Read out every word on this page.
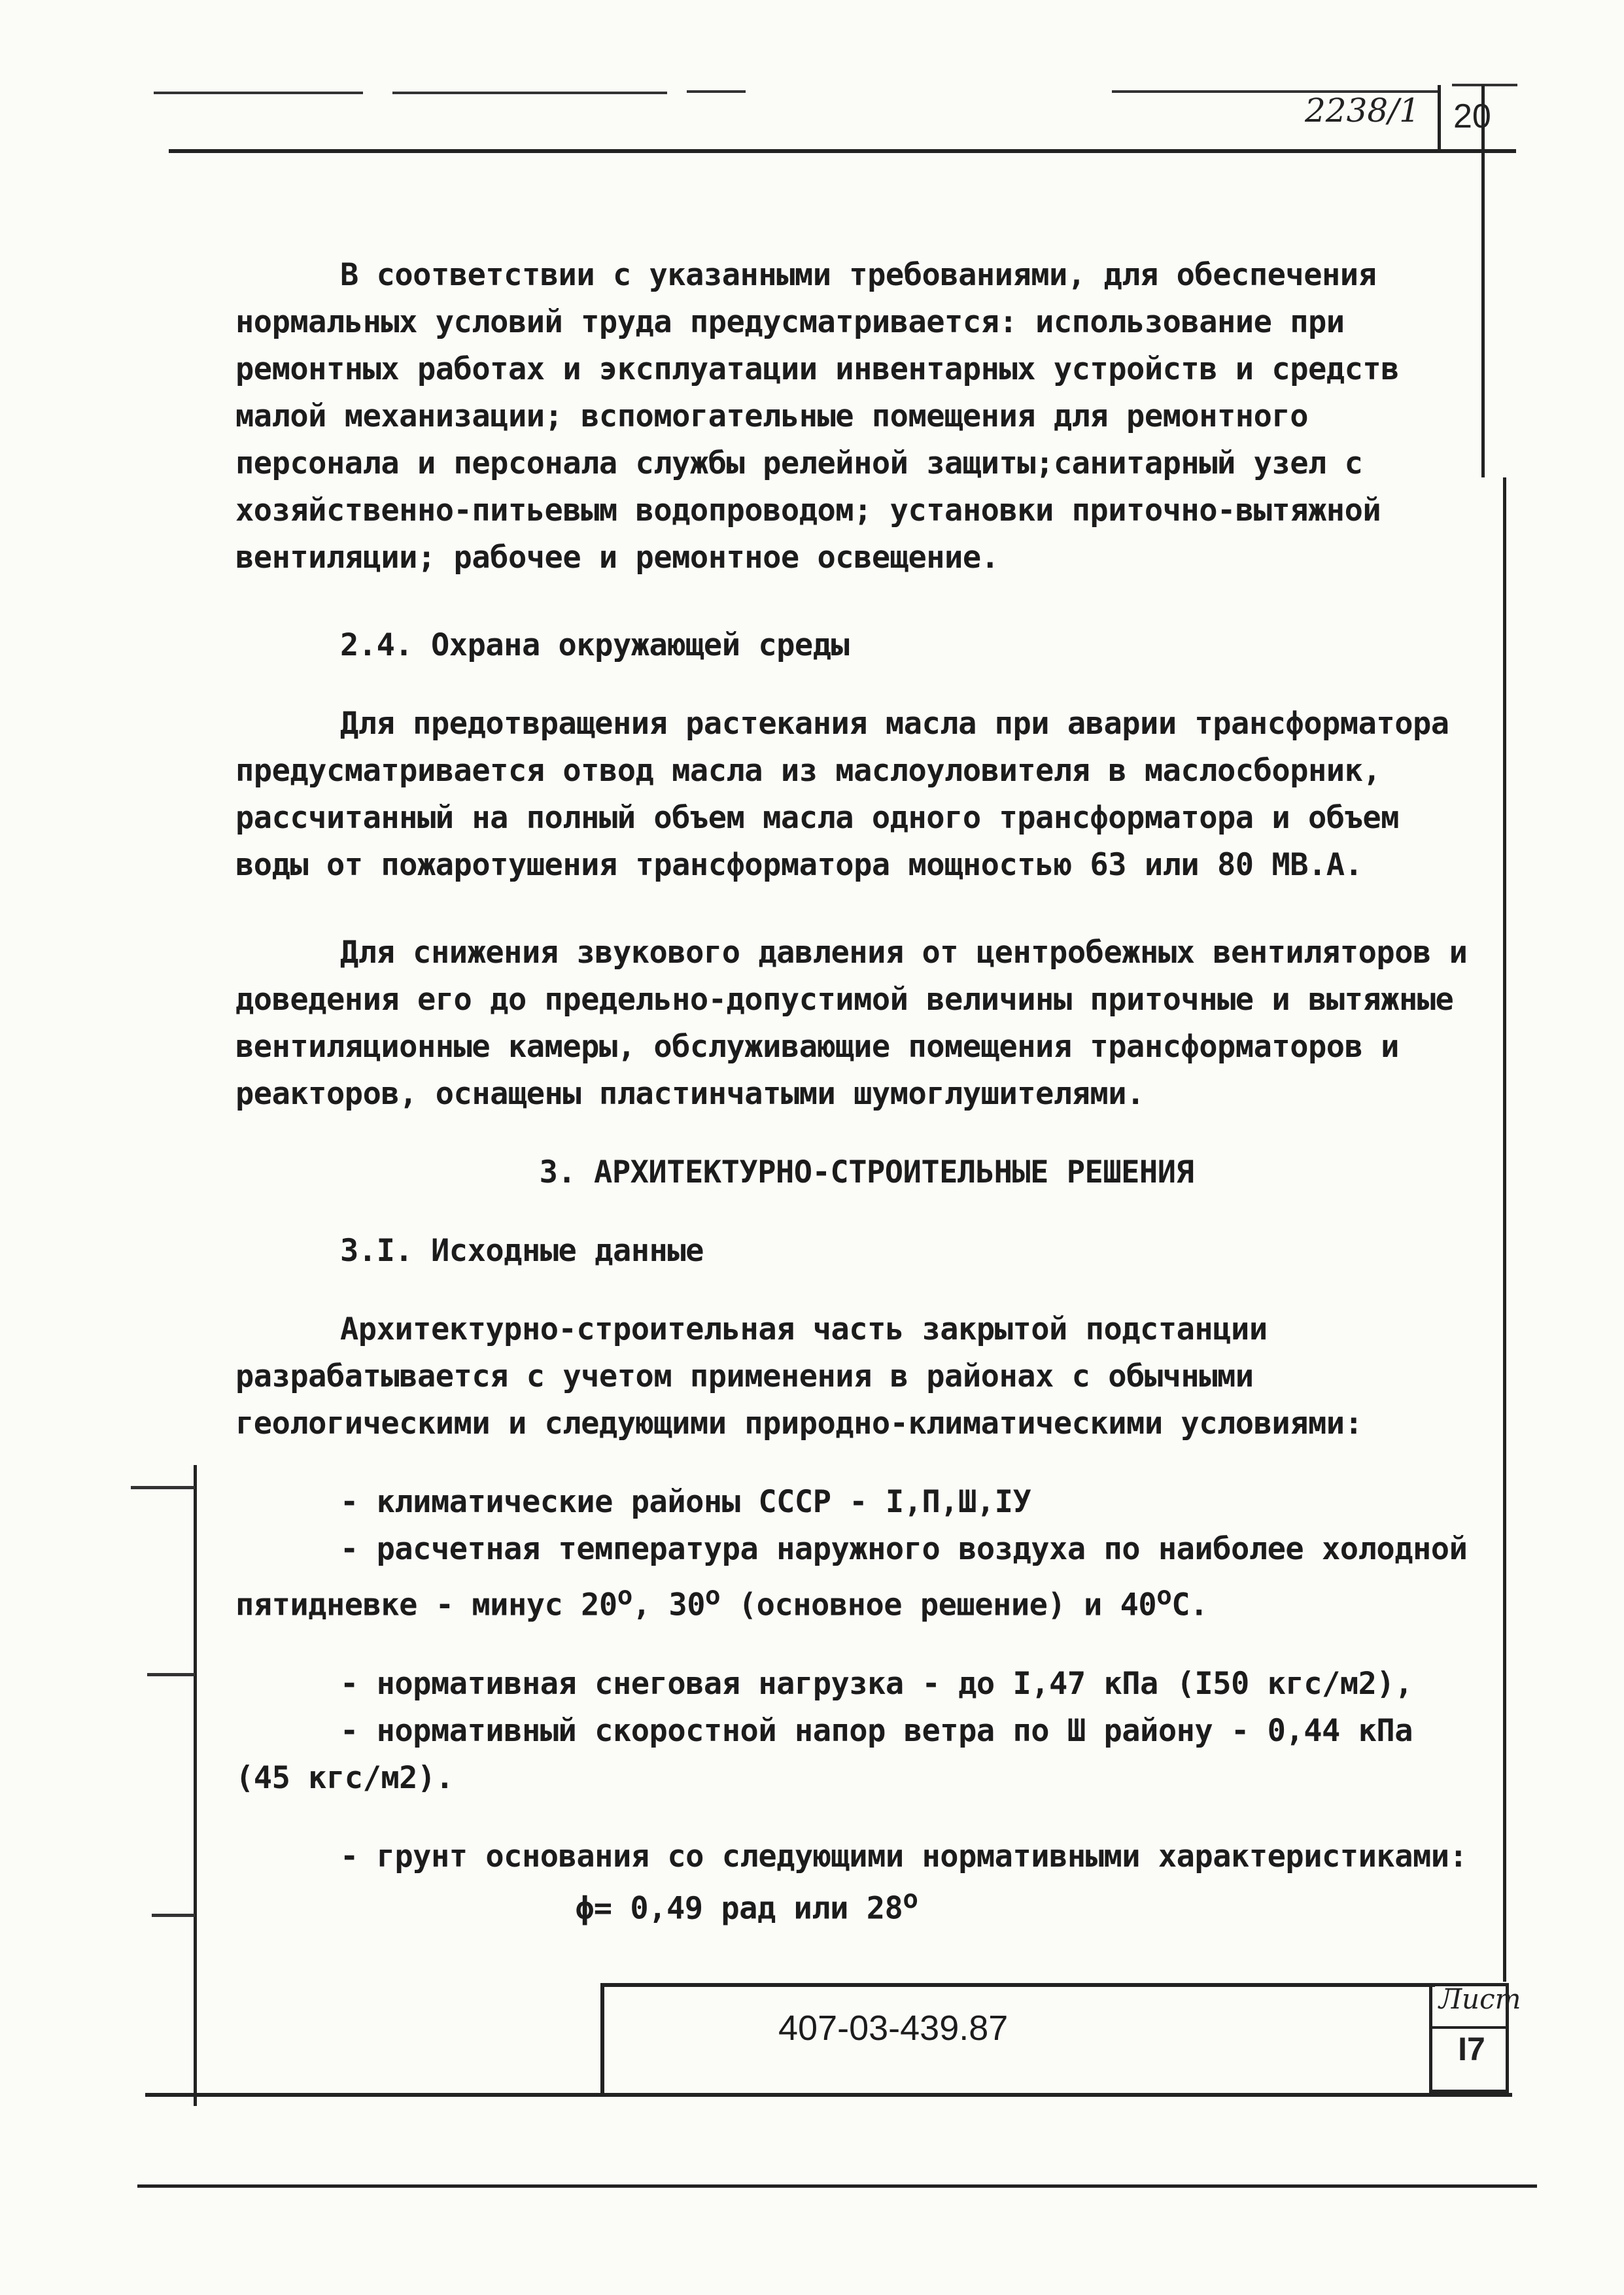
2238/1 20

В соответствии с указанными требованиями, для обеспечения нормальных условий труда предусматривается: использование при ремонтных работах и эксплуатации инвентарных устройств и средств малой механизации; вспомогательные помещения для ремонтного персонала и персонала службы релейной защиты;санитарный узел с хозяйственно-питьевым водопроводом; установки приточно-вытяжной вентиляции; рабочее и ремонтное освещение.

2.4. Охрана окружающей среды

Для предотвращения растекания масла при аварии трансформатора предусматривается отвод масла из маслоуловителя в маслосборник, рассчитанный на полный объем масла одного трансформатора и объем воды от пожаротушения трансформатора мощностью 63 или 80 МВ.А.

Для снижения звукового давления от центробежных вентиляторов и доведения его до предельно-допустимой величины приточные и вытяжные вентиляционные камеры, обслуживающие помещения трансформаторов и реакторов, оснащены пластинчатыми шумоглушителями.

3. АРХИТЕКТУРНО-СТРОИТЕЛЬНЫЕ РЕШЕНИЯ

3.I. Исходные данные

Архитектурно-строительная часть закрытой подстанции разрабатывается с учетом применения в районах с обычными геологическими и следующими природно-климатическими условиями:

- климатические районы СССР - I,П,Ш,IУ

- расчетная температура наружного воздуха по наиболее холодной пятидневке - минус 20$^o$, 30$^o$ (основное решение) и 40$^o$С.

- нормативная снеговая нагрузка - до I,47 кПа (I50 кгс/м2),

- нормативный скоростной напор ветра по Ш району - 0,44 кПа (45 кгс/м2).

- грунт основания со следующими нормативными характеристиками:

ϕ= 0,49 рад или 28$^o$

407-03-439.87
Лист
I7
